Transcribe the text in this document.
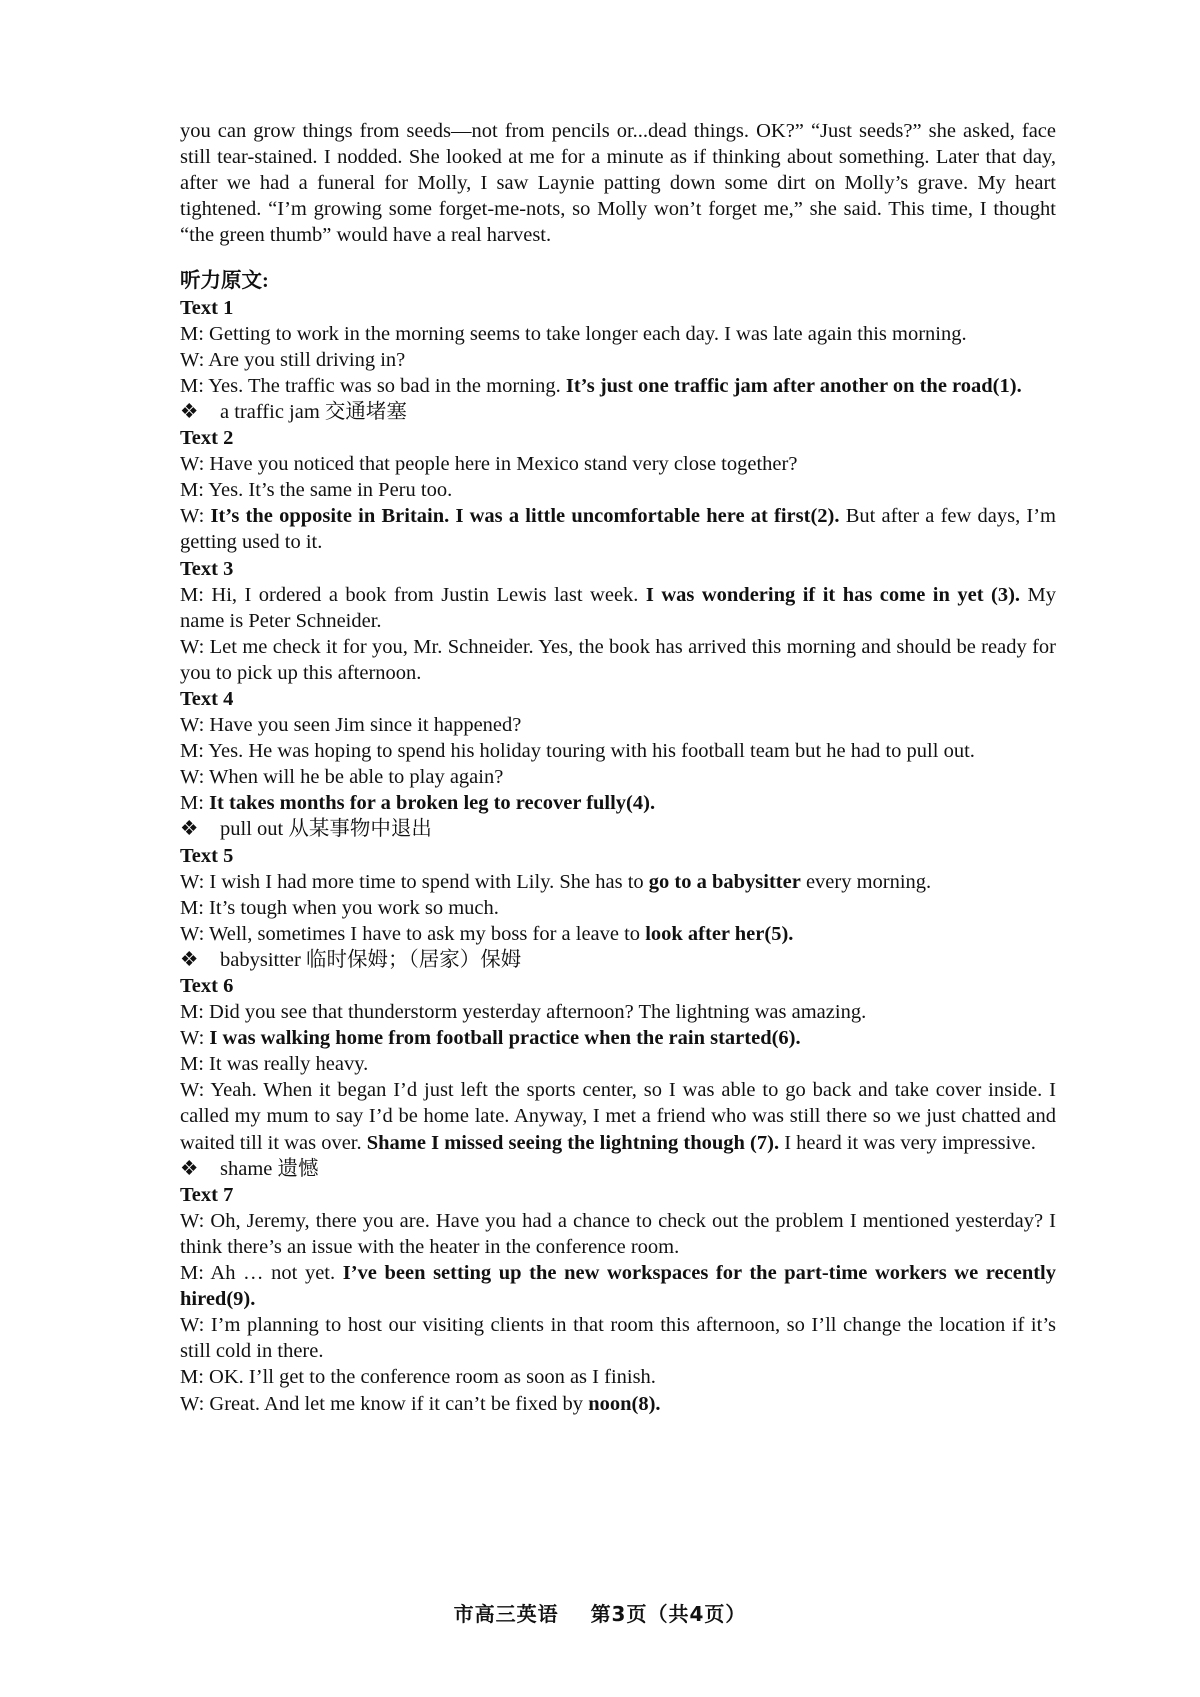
you can grow things from seeds—not from pencils or...dead things. OK?” “Just seeds?” she asked, face still tear-stained. I nodded. She looked at me for a minute as if thinking about something. Later that day, after we had a funeral for Molly, I saw Laynie patting down some dirt on Molly’s grave. My heart tightened. “I’m growing some forget-me-nots, so Molly won’t forget me,” she said. This time, I thought “the green thumb” would have a real harvest.

听力原文:

Text 1

M: Getting to work in the morning seems to take longer each day. I was late again this morning.

W: Are you still driving in?

M: Yes. The traffic was so bad in the morning. It’s just one traffic jam after another on the road(1).

❖ a traffic jam 交通堵塞

Text 2

W: Have you noticed that people here in Mexico stand very close together?

M: Yes. It’s the same in Peru too.

W: It’s the opposite in Britain. I was a little uncomfortable here at first(2). But after a few days, I’m getting used to it.

Text 3

M: Hi, I ordered a book from Justin Lewis last week. I was wondering if it has come in yet (3). My name is Peter Schneider.

W: Let me check it for you, Mr. Schneider. Yes, the book has arrived this morning and should be ready for you to pick up this afternoon.

Text 4

W: Have you seen Jim since it happened?

M: Yes. He was hoping to spend his holiday touring with his football team but he had to pull out.

W: When will he be able to play again?

M: It takes months for a broken leg to recover fully(4).

❖ pull out 从某事物中退出

Text 5

W: I wish I had more time to spend with Lily. She has to go to a babysitter every morning.

M: It’s tough when you work so much.

W: Well, sometimes I have to ask my boss for a leave to look after her(5).

❖ babysitter 临时保姆；（居家）保姆

Text 6

M: Did you see that thunderstorm yesterday afternoon? The lightning was amazing.

W: I was walking home from football practice when the rain started(6).

M: It was really heavy.

W: Yeah. When it began I’d just left the sports center, so I was able to go back and take cover inside. I called my mum to say I’d be home late. Anyway, I met a friend who was still there so we just chatted and waited till it was over. Shame I missed seeing the lightning though (7). I heard it was very impressive.

❖ shame 遗憾

Text 7

W: Oh, Jeremy, there you are. Have you had a chance to check out the problem I mentioned yesterday? I think there’s an issue with the heater in the conference room.

M: Ah … not yet. I’ve been setting up the new workspaces for the part-time workers we recently hired(9).

W: I’m planning to host our visiting clients in that room this afternoon, so I’ll change the location if it’s still cold in there.

M: OK. I’ll get to the conference room as soon as I finish.

W: Great. And let me know if it can’t be fixed by noon(8).

市高三英语 第3页（共4页）
